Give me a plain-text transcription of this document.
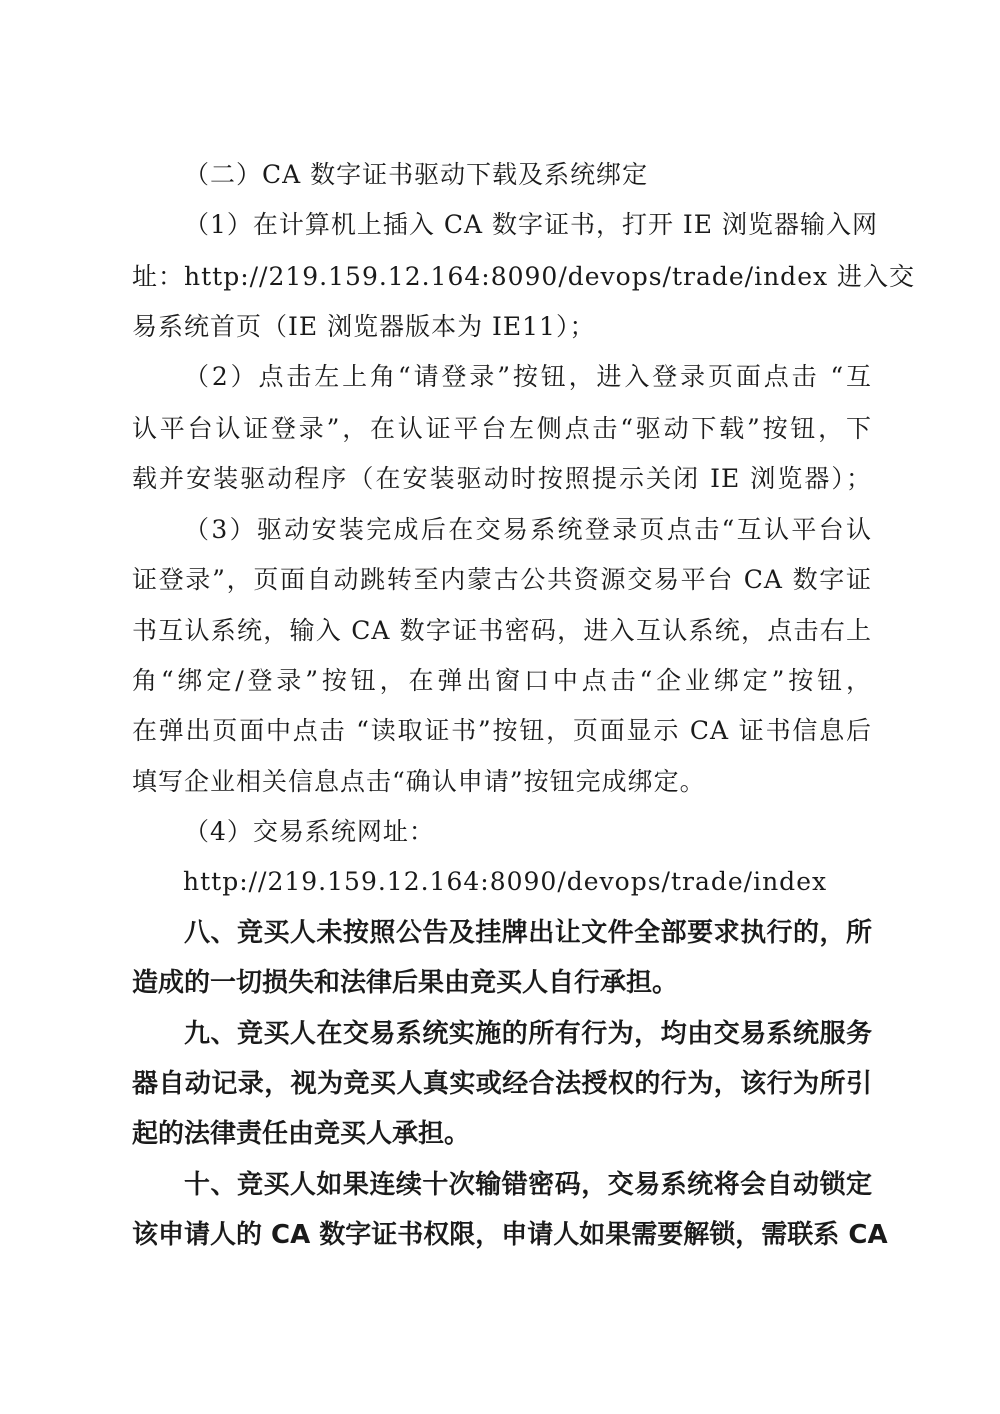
（二）CA 数字证书驱动下载及系统绑定
（1）在计算机上插入 CA 数字证书，打开 IE 浏览器输入网
址：http://219.159.12.164:8090/devops/trade/index 进入交
易系统首页（IE 浏览器版本为 IE11）；
（2）点击左上角“请登录”按钮，进入登录页面点击 “互
认平台认证登录”，在认证平台左侧点击“驱动下载”按钮，下
载并安装驱动程序（在安装驱动时按照提示关闭 IE 浏览器）；
（3）驱动安装完成后在交易系统登录页点击“互认平台认
证登录”，页面自动跳转至内蒙古公共资源交易平台 CA 数字证
书互认系统，输入 CA 数字证书密码，进入互认系统，点击右上
角“绑定/登录”按钮，在弹出窗口中点击“企业绑定”按钮，
在弹出页面中点击 “读取证书”按钮，页面显示 CA 证书信息后
填写企业相关信息点击“确认申请”按钮完成绑定。
（4）交易系统网址：
http://219.159.12.164:8090/devops/trade/index
八、竞买人未按照公告及挂牌出让文件全部要求执行的，所
造成的一切损失和法律后果由竞买人自行承担。
九、竞买人在交易系统实施的所有行为，均由交易系统服务
器自动记录，视为竞买人真实或经合法授权的行为，该行为所引
起的法律责任由竞买人承担。
十、竞买人如果连续十次输错密码，交易系统将会自动锁定
该申请人的 CA 数字证书权限，申请人如果需要解锁，需联系 CA
